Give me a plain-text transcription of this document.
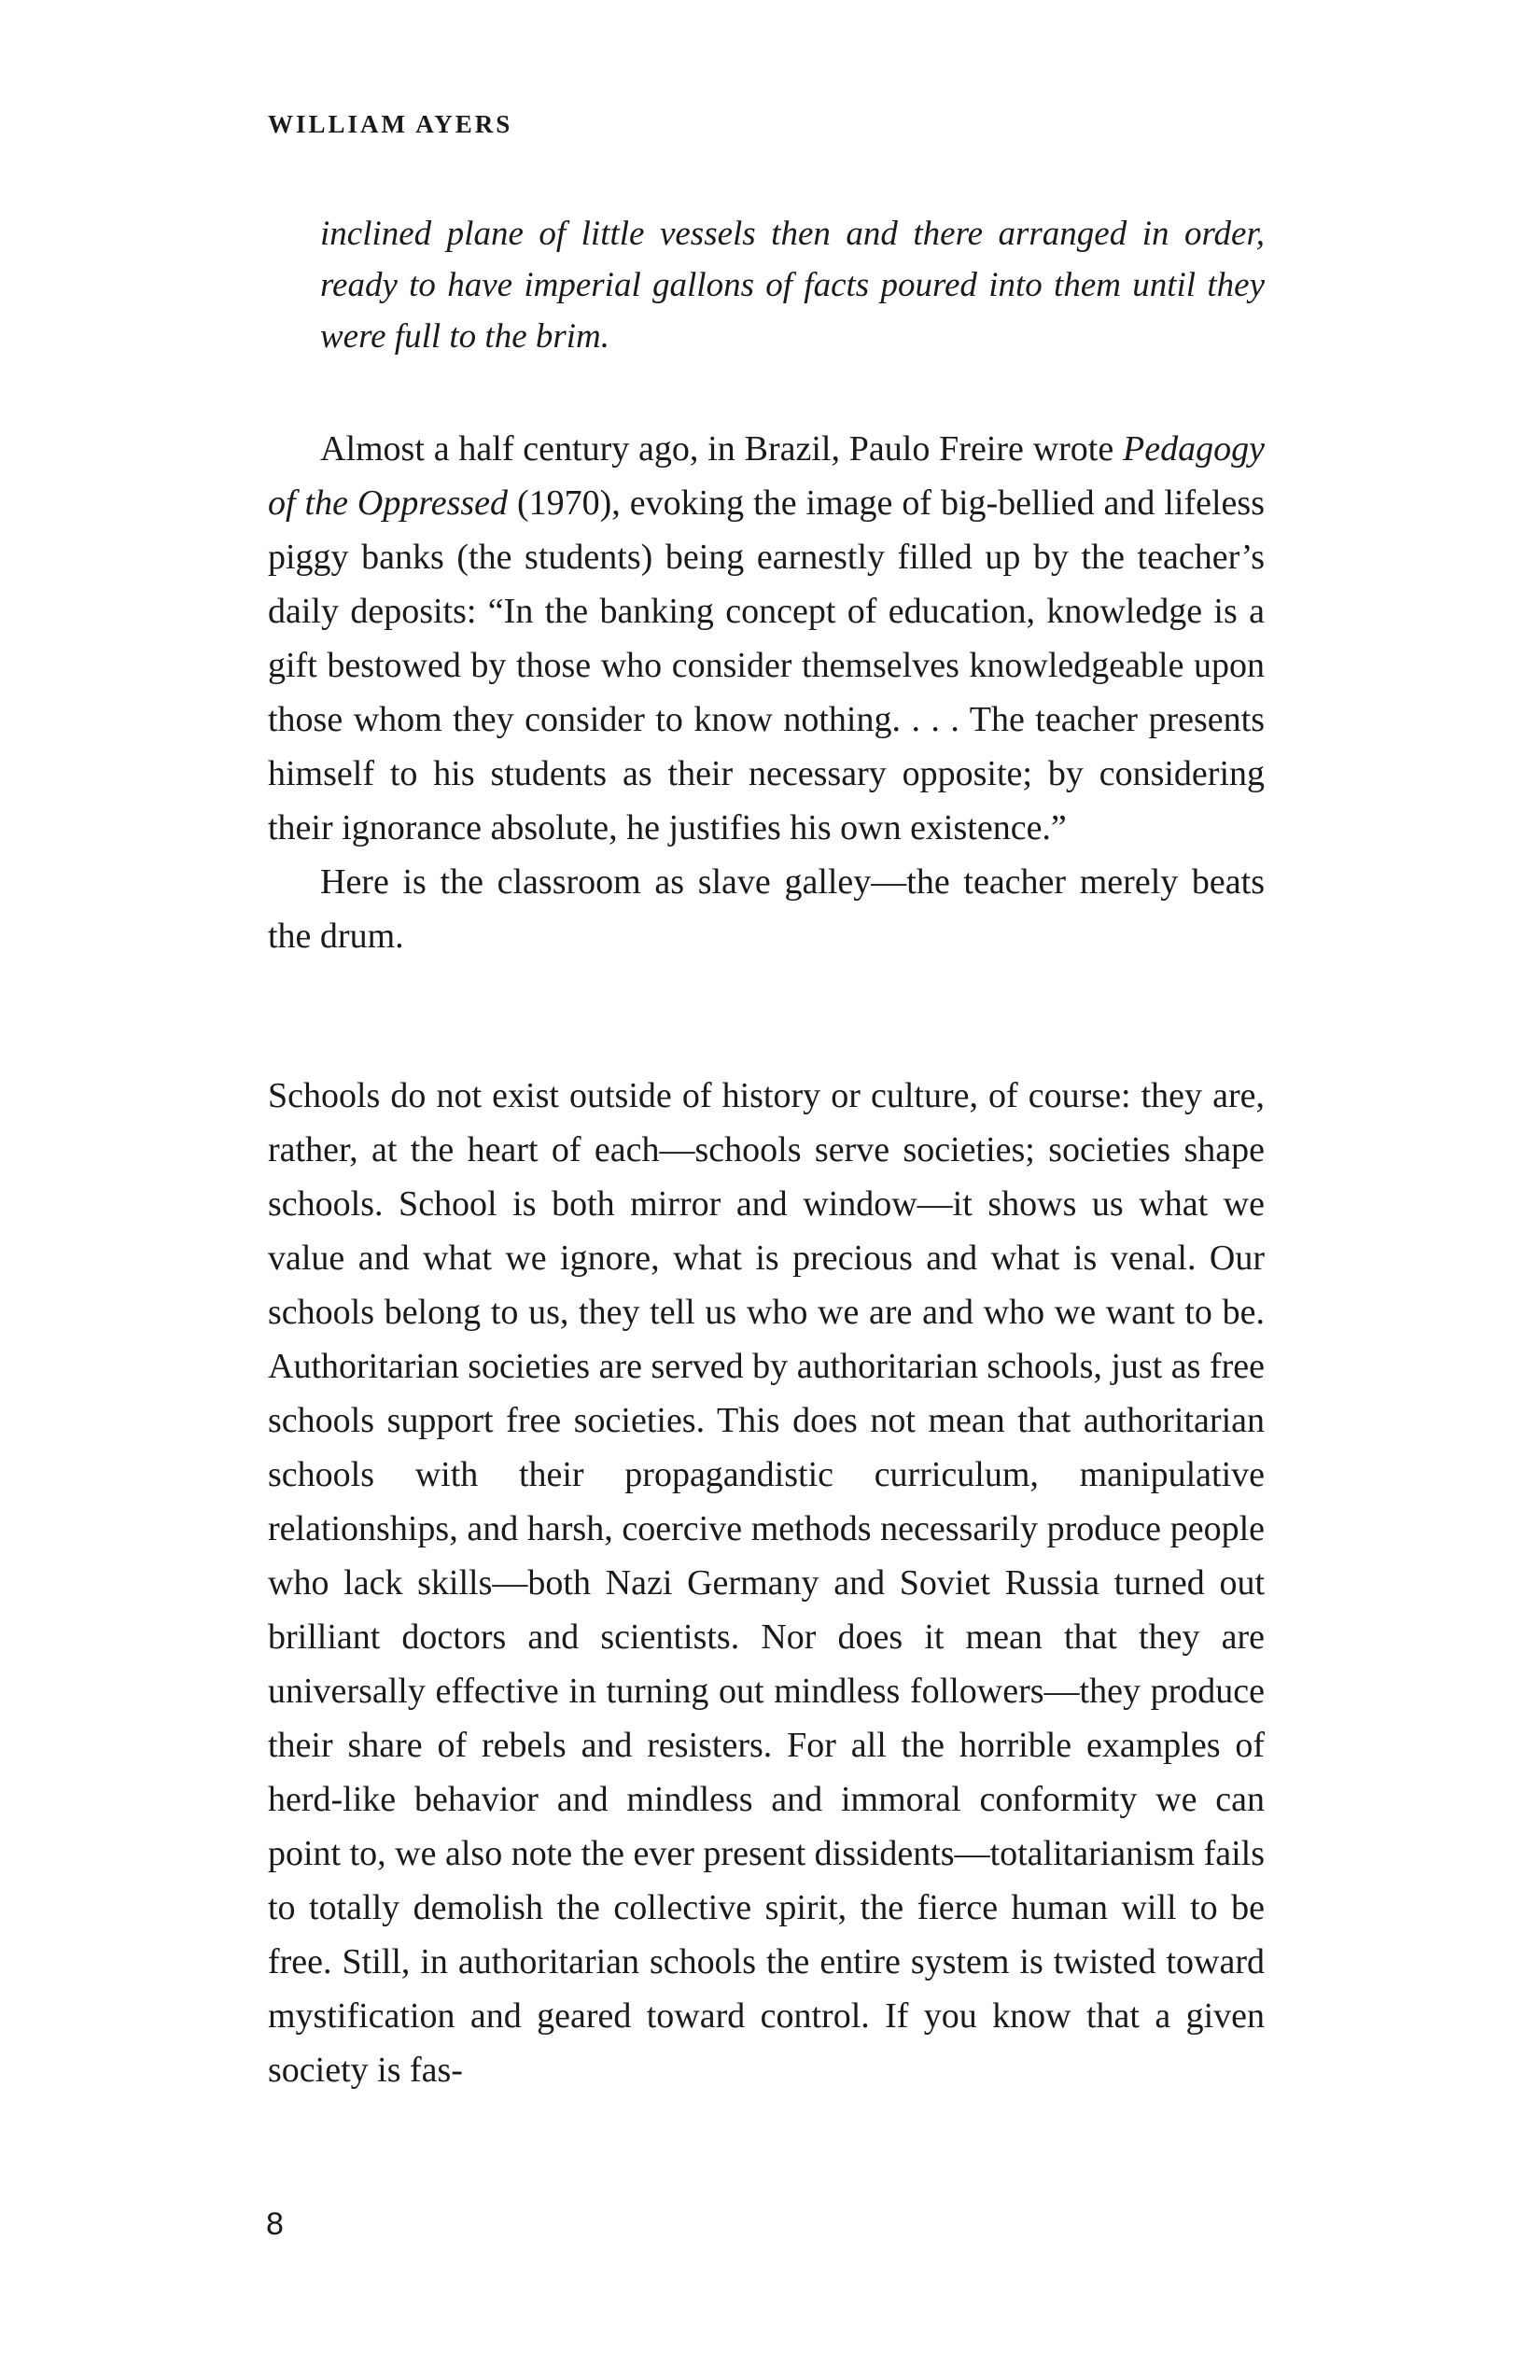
WILLIAM AYERS

inclined plane of little vessels then and there arranged in order, ready to have imperial gallons of facts poured into them until they were full to the brim.

Almost a half century ago, in Brazil, Paulo Freire wrote Pedagogy of the Oppressed (1970), evoking the image of big-bellied and lifeless piggy banks (the students) being earnestly filled up by the teacher’s daily deposits: “In the banking concept of education, knowledge is a gift bestowed by those who consider themselves knowledgeable upon those whom they consider to know nothing. . . . The teacher presents himself to his students as their necessary opposite; by considering their ignorance absolute, he justifies his own existence.”

Here is the classroom as slave galley—the teacher merely beats the drum.

Schools do not exist outside of history or culture, of course: they are, rather, at the heart of each—schools serve societies; societies shape schools. School is both mirror and window—it shows us what we value and what we ignore, what is precious and what is venal. Our schools belong to us, they tell us who we are and who we want to be. Authoritarian societies are served by authoritarian schools, just as free schools support free societies. This does not mean that authoritarian schools with their propagandistic curriculum, manipulative relationships, and harsh, coercive methods necessarily produce people who lack skills—both Nazi Germany and Soviet Russia turned out brilliant doctors and scientists. Nor does it mean that they are universally effective in turning out mindless followers—they produce their share of rebels and resisters. For all the horrible examples of herd-like behavior and mindless and immoral conformity we can point to, we also note the ever present dissidents—totalitarianism fails to totally demolish the collective spirit, the fierce human will to be free. Still, in authoritarian schools the entire system is twisted toward mystification and geared toward control. If you know that a given society is fas-

8
